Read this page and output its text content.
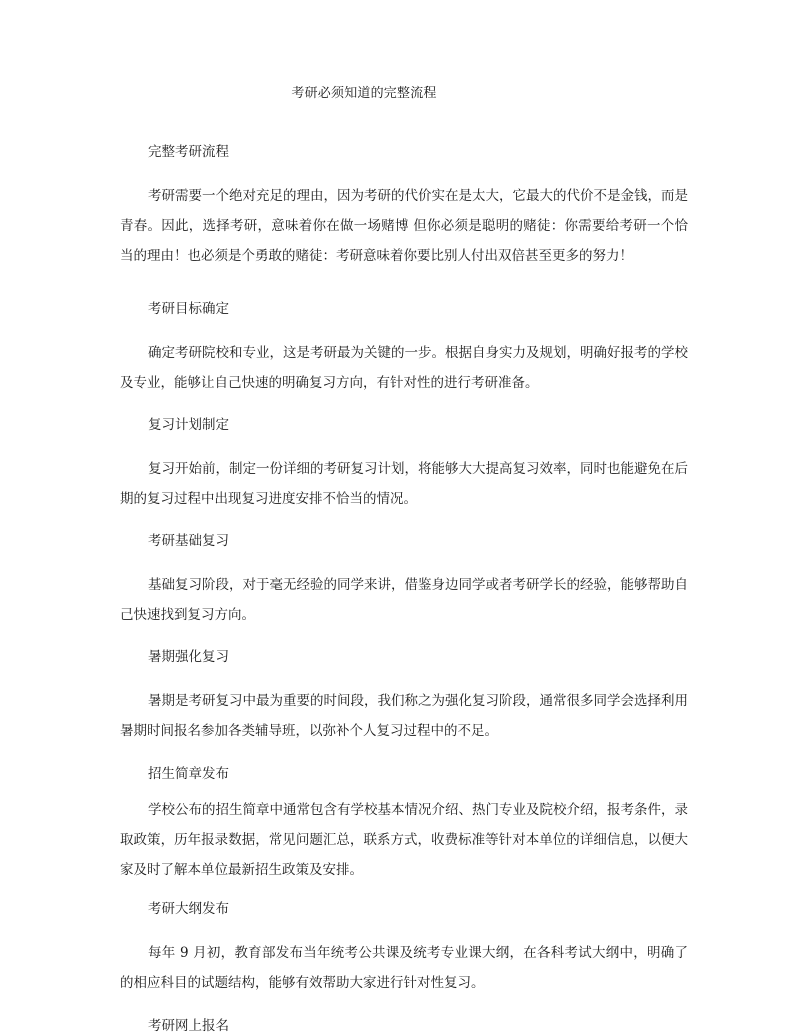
考研必须知道的完整流程
完整考研流程

考研需要一个绝对充足的理由，因为考研的代价实在是太大，它最大的代价不是金钱，而是青春。因此，选择考研，意味着你在做一场赌博 但你必须是聪明的赌徒：你需要给考研一个恰当的理由！也必须是个勇敢的赌徒：考研意味着你要比别人付出双倍甚至更多的努力！

考研目标确定

确定考研院校和专业，这是考研最为关键的一步。根据自身实力及规划，明确好报考的学校及专业，能够让自己快速的明确复习方向，有针对性的进行考研准备。

复习计划制定

复习开始前，制定一份详细的考研复习计划，将能够大大提高复习效率，同时也能避免在后期的复习过程中出现复习进度安排不恰当的情况。

考研基础复习

基础复习阶段，对于毫无经验的同学来讲，借鉴身边同学或者考研学长的经验，能够帮助自己快速找到复习方向。

暑期强化复习

暑期是考研复习中最为重要的时间段，我们称之为强化复习阶段，通常很多同学会选择利用暑期时间报名参加各类辅导班，以弥补个人复习过程中的不足。

招生简章发布

学校公布的招生简章中通常包含有学校基本情况介绍、热门专业及院校介绍，报考条件，录取政策，历年报录数据，常见问题汇总，联系方式，收费标准等针对本单位的详细信息，以便大家及时了解本单位最新招生政策及安排。

考研大纲发布

每年 9 月初，教育部发布当年统考公共课及统考专业课大纲，在各科考试大纲中，明确了的相应科目的试题结构，能够有效帮助大家进行针对性复习。

考研网上报名
